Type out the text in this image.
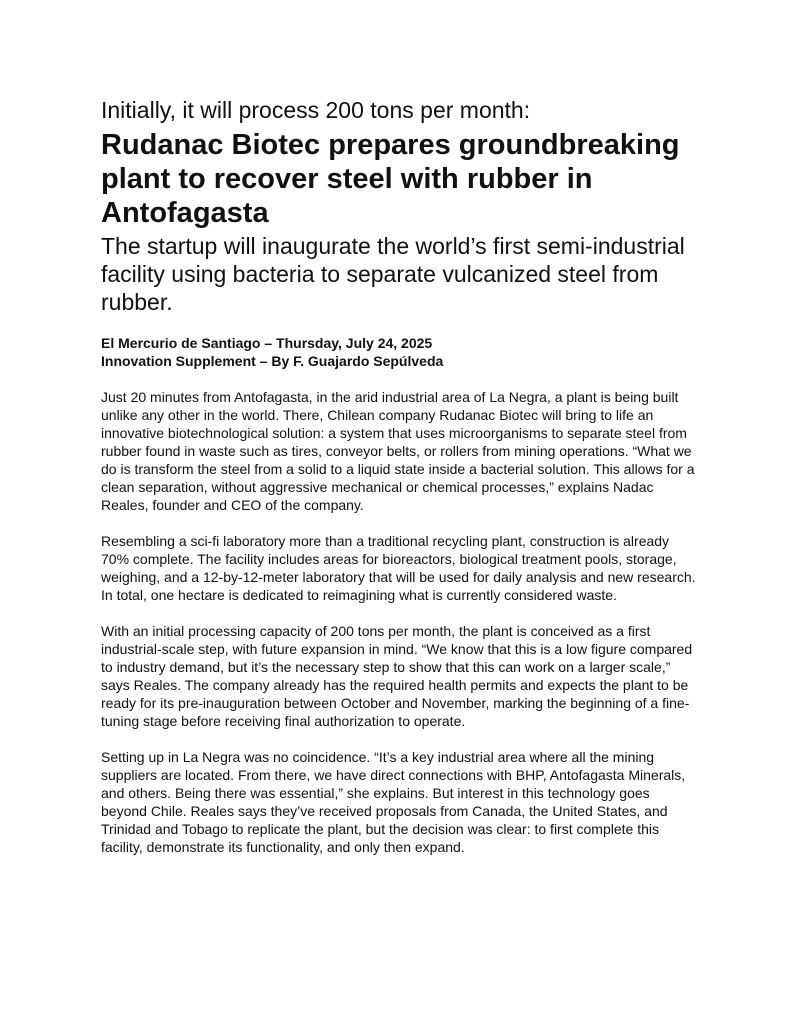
Initially, it will process 200 tons per month:
Rudanac Biotec prepares groundbreaking plant to recover steel with rubber in Antofagasta
The startup will inaugurate the world’s first semi-industrial facility using bacteria to separate vulcanized steel from rubber.
El Mercurio de Santiago – Thursday, July 24, 2025
Innovation Supplement – By F. Guajardo Sepúlveda

Just 20 minutes from Antofagasta, in the arid industrial area of La Negra, a plant is being built unlike any other in the world. There, Chilean company Rudanac Biotec will bring to life an innovative biotechnological solution: a system that uses microorganisms to separate steel from rubber found in waste such as tires, conveyor belts, or rollers from mining operations. “What we do is transform the steel from a solid to a liquid state inside a bacterial solution. This allows for a clean separation, without aggressive mechanical or chemical processes,” explains Nadac Reales, founder and CEO of the company.

Resembling a sci-fi laboratory more than a traditional recycling plant, construction is already 70% complete. The facility includes areas for bioreactors, biological treatment pools, storage, weighing, and a 12-by-12-meter laboratory that will be used for daily analysis and new research. In total, one hectare is dedicated to reimagining what is currently considered waste.

With an initial processing capacity of 200 tons per month, the plant is conceived as a first industrial-scale step, with future expansion in mind. “We know that this is a low figure compared to industry demand, but it’s the necessary step to show that this can work on a larger scale,” says Reales. The company already has the required health permits and expects the plant to be ready for its pre-inauguration between October and November, marking the beginning of a fine-tuning stage before receiving final authorization to operate.

Setting up in La Negra was no coincidence. “It’s a key industrial area where all the mining suppliers are located. From there, we have direct connections with BHP, Antofagasta Minerals, and others. Being there was essential,” she explains. But interest in this technology goes beyond Chile. Reales says they’ve received proposals from Canada, the United States, and Trinidad and Tobago to replicate the plant, but the decision was clear: to first complete this facility, demonstrate its functionality, and only then expand.
